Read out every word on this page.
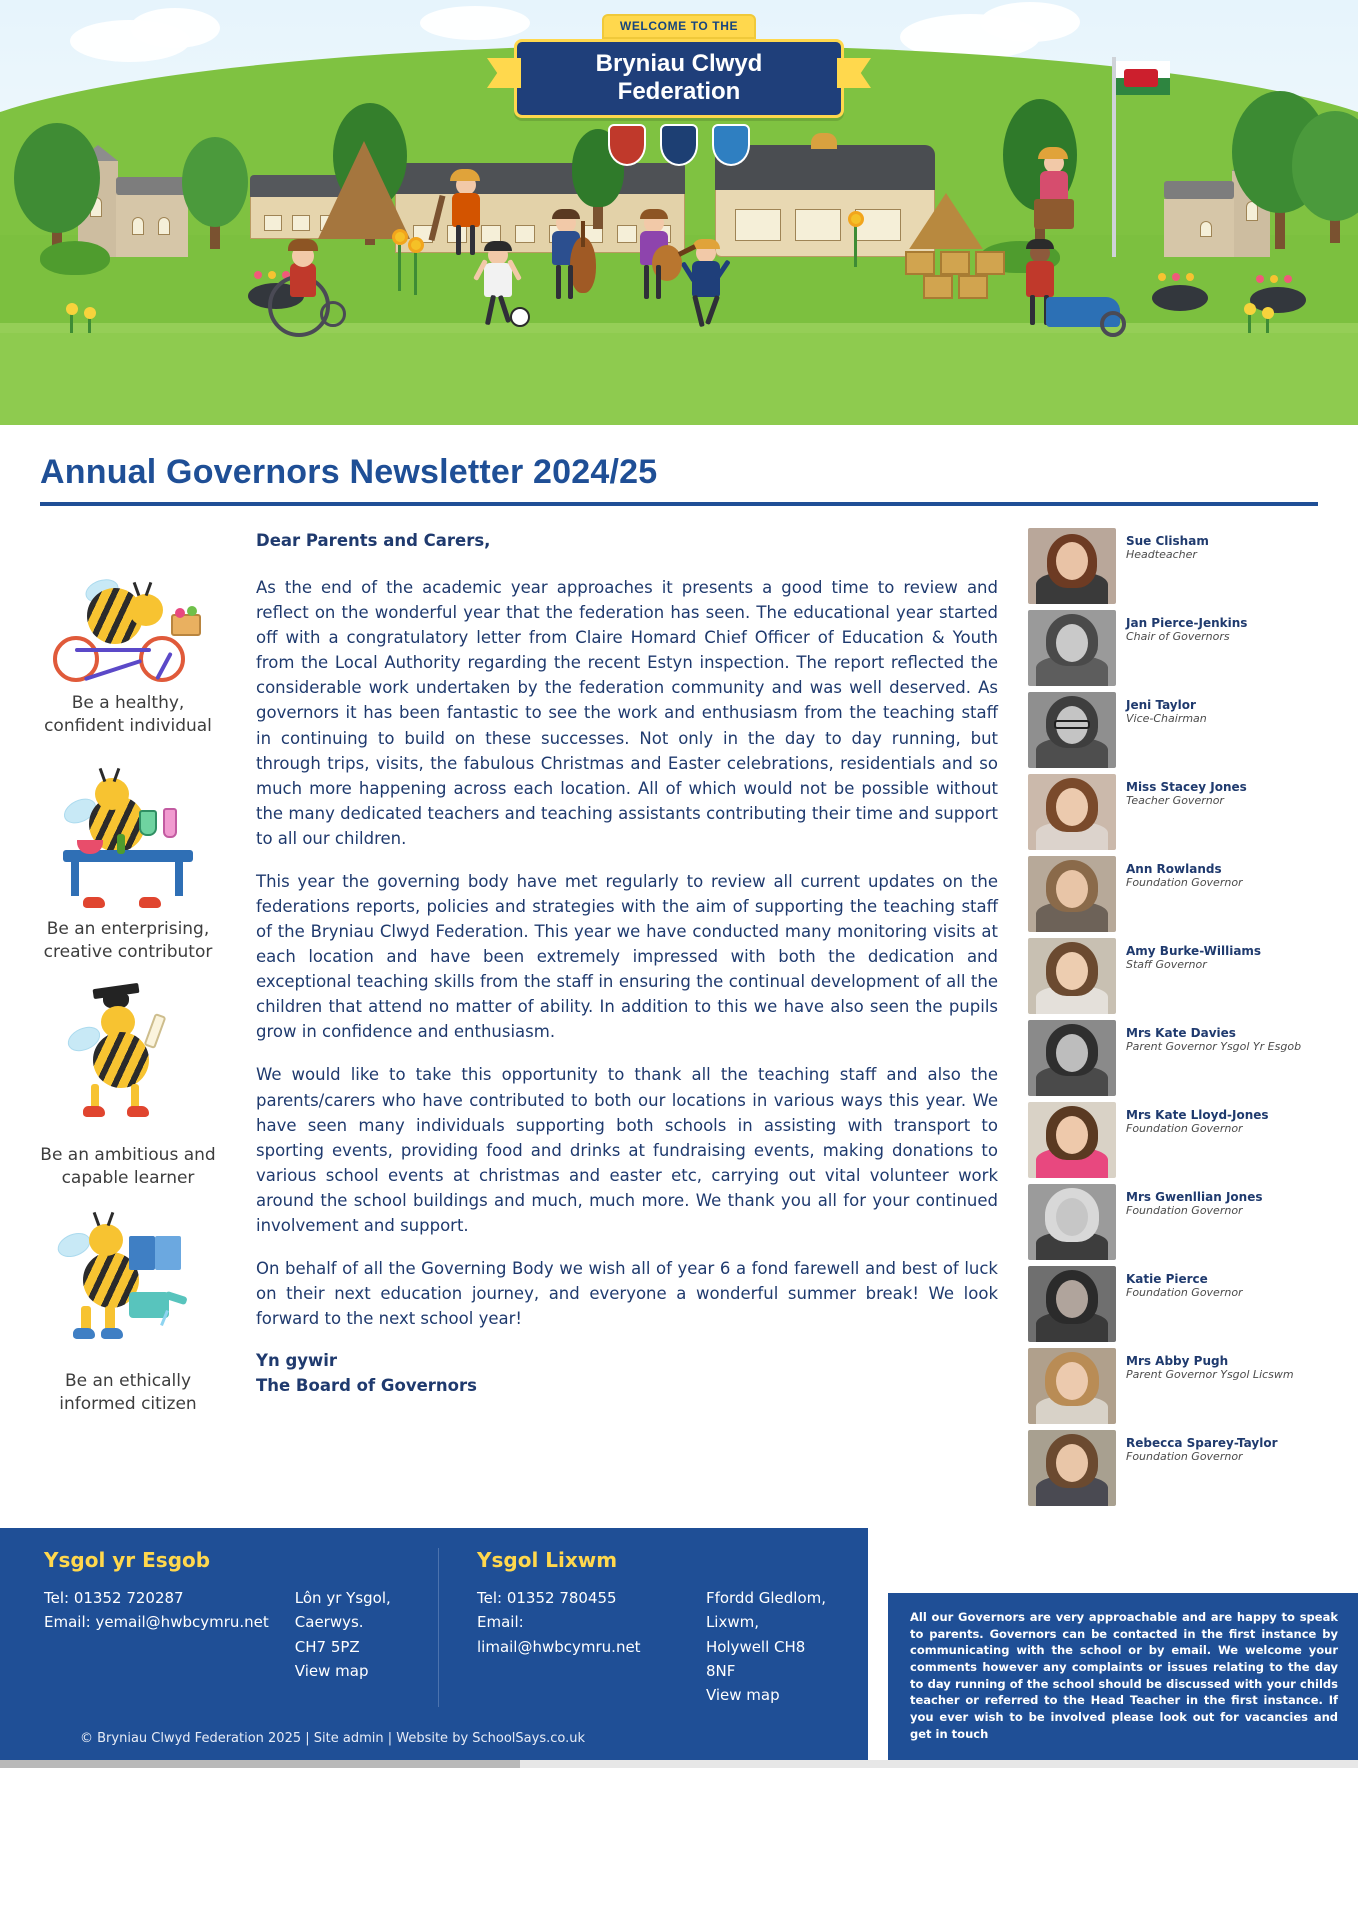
WELCOME TO THE
Bryniau Clwyd Federation
Annual Governors Newsletter 2024/25
Be a healthy, confident individual
Be an enterprising, creative contributor
Be an ambitious and capable learner
Be an ethically informed citizen

Dear Parents and Carers,

As the end of the academic year approaches it presents a good time to review and reflect on the wonderful year that the federation has seen. The educational year started off with a congratulatory letter from Claire Homard Chief Officer of Education & Youth from the Local Authority regarding the recent Estyn inspection. The report reflected the considerable work undertaken by the federation community and was well deserved. As governors it has been fantastic to see the work and enthusiasm from the teaching staff in continuing to build on these successes. Not only in the day to day running, but through trips, visits, the fabulous Christmas and Easter celebrations, residentials and so much more happening across each location. All of which would not be possible without the many dedicated teachers and teaching assistants contributing their time and support to all our children.

This year the governing body have met regularly to review all current updates on the federations reports, policies and strategies with the aim of supporting the teaching staff of the Bryniau Clwyd Federation. This year we have conducted many monitoring visits at each location and have been extremely impressed with both the dedication and exceptional teaching skills from the staff in ensuring the continual development of all the children that attend no matter of ability. In addition to this we have also seen the pupils grow in confidence and enthusiasm.

We would like to take this opportunity to thank all the teaching staff and also the parents/carers who have contributed to both our locations in various ways this year. We have seen many individuals supporting both schools in assisting with transport to sporting events, providing food and drinks at fundraising events, making donations to various school events at christmas and easter etc, carrying out vital volunteer work around the school buildings and much, much more. We thank you all for your continued involvement and support.

On behalf of all the Governing Body we wish all of year 6 a fond farewell and best of luck on their next education journey, and everyone a wonderful summer break! We look forward to the next school year!

Yn gywir
The Board of Governors

Sue Clisham
Headteacher
Jan Pierce-Jenkins
Chair of Governors
Jeni Taylor
Vice-Chairman
Miss Stacey Jones
Teacher Governor
Ann Rowlands
Foundation Governor
Amy Burke-Williams
Staff Governor
Mrs Kate Davies
Parent Governor Ysgol Yr Esgob
Mrs Kate Lloyd-Jones
Foundation Governor
Mrs Gwenllian Jones
Foundation Governor
Katie Pierce
Foundation Governor
Mrs Abby Pugh
Parent Governor Ysgol Licswm
Rebecca Sparey-Taylor
Foundation Governor
Ysgol yr Esgob
Tel: 01352 720287
Email: yemail@hwbcymru.net
Lôn yr Ysgol,
Caerwys.
CH7 5PZ
View map
Ysgol Lixwm
Tel: 01352 780455
Email: limail@hwbcymru.net
Ffordd Gledlom,
Lixwm,
Holywell CH8 8NF
View map
© Bryniau Clwyd Federation 2025 | Site admin | Website by SchoolSays.co.uk

All our Governors are very approachable and are happy to speak to parents. Governors can be contacted in the first instance by communicating with the school or by email. We welcome your comments however any complaints or issues relating to the day to day running of the school should be discussed with your childs teacher or referred to the Head Teacher in the first instance. If you ever wish to be involved please look out for vacancies and get in touch
